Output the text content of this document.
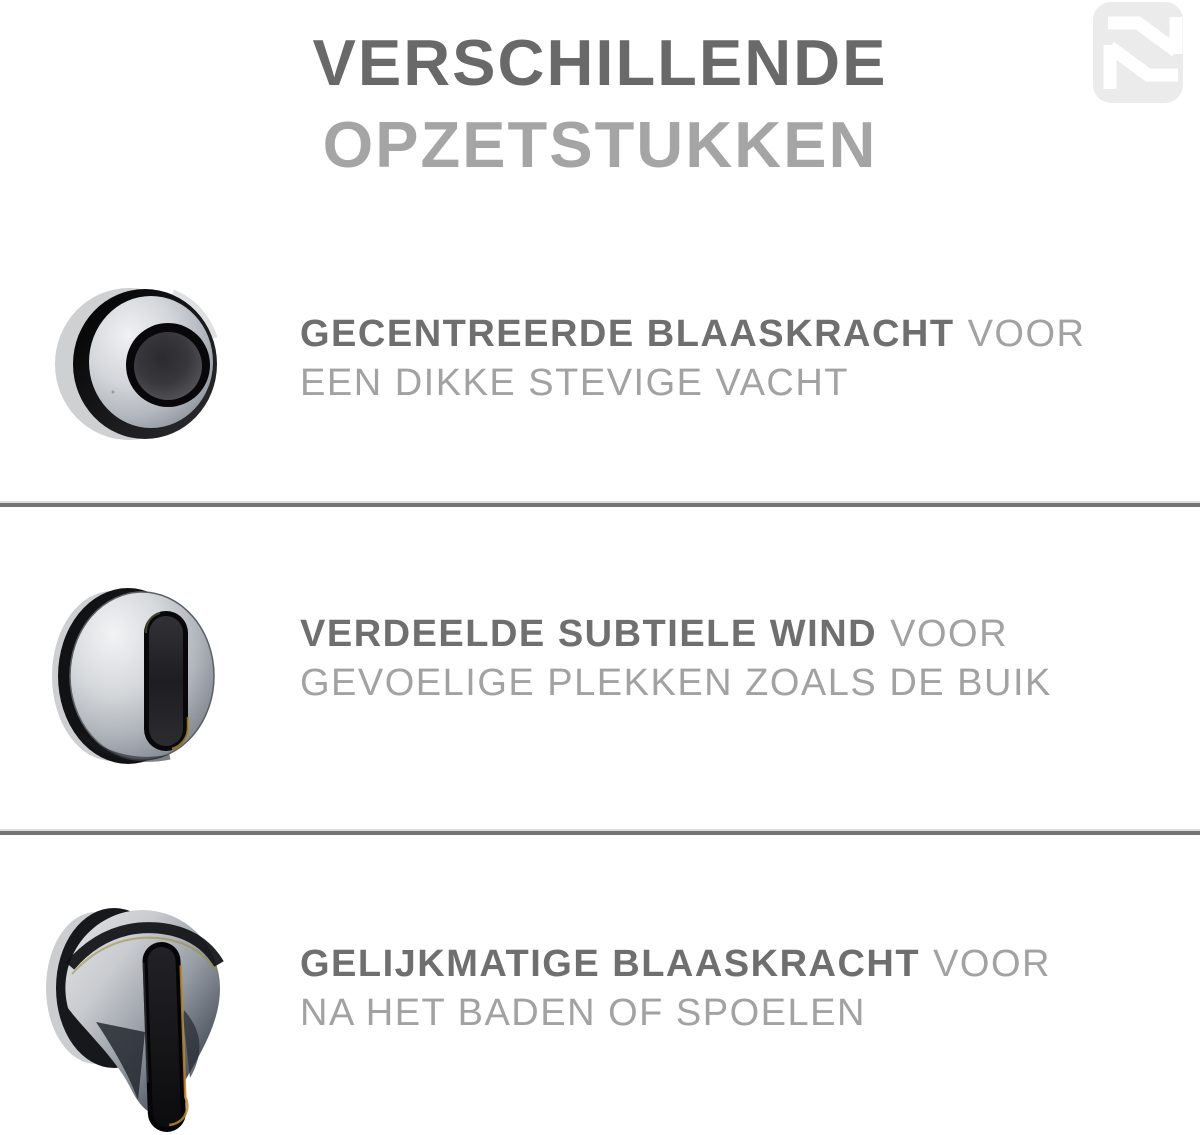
VERSCHILLENDE
OPZETSTUKKEN

GECENTREERDE BLAASKRACHT VOOR

EEN DIKKE STEVIGE VACHT

VERDEELDE SUBTIELE WIND VOOR

GEVOELIGE PLEKKEN ZOALS DE BUIK

GELIJKMATIGE BLAASKRACHT VOOR

NA HET BADEN OF SPOELEN
